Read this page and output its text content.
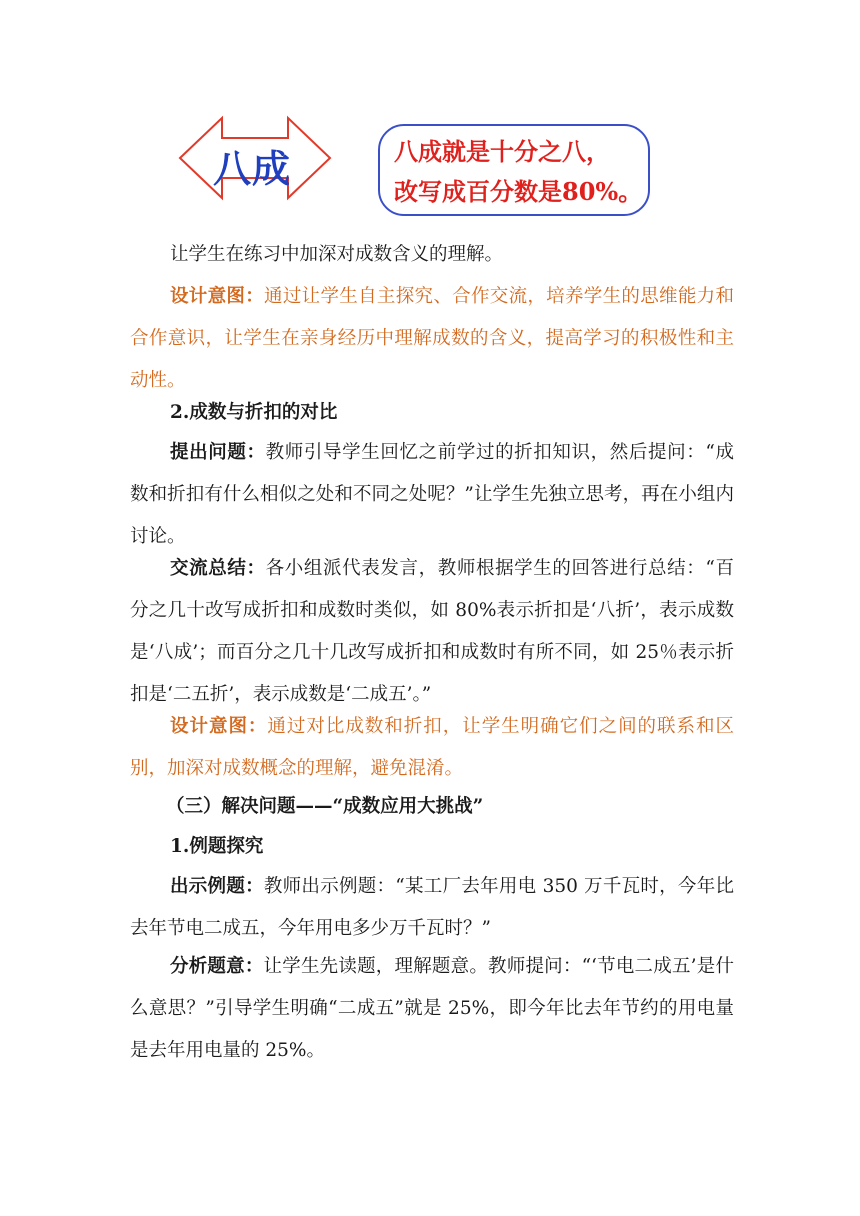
八成	八成就是十分之八，
改写成百分数是80%。

让学生在练习中加深对成数含义的理解。

设计意图：通过让学生自主探究、合作交流，培养学生的思维能力和合作意识，让学生在亲身经历中理解成数的含义，提高学习的积极性和主动性。

2.成数与折扣的对比

提出问题：教师引导学生回忆之前学过的折扣知识，然后提问：“成数和折扣有什么相似之处和不同之处呢？”让学生先独立思考，再在小组内讨论。

交流总结：各小组派代表发言，教师根据学生的回答进行总结：“百分之几十改写成折扣和成数时类似，如 80%表示折扣是‘八折’，表示成数是‘八成’；而百分之几十几改写成折扣和成数时有所不同，如 25％表示折扣是‘二五折’，表示成数是‘二成五’。”

设计意图：通过对比成数和折扣，让学生明确它们之间的联系和区别，加深对成数概念的理解，避免混淆。

（三）解决问题——“成数应用大挑战”

1.例题探究

出示例题：教师出示例题：“某工厂去年用电 350 万千瓦时，今年比去年节电二成五，今年用电多少万千瓦时？”

分析题意：让学生先读题，理解题意。教师提问：“‘节电二成五’是什么意思？”引导学生明确“二成五”就是 25%，即今年比去年节约的用电量是去年用电量的 25%。
